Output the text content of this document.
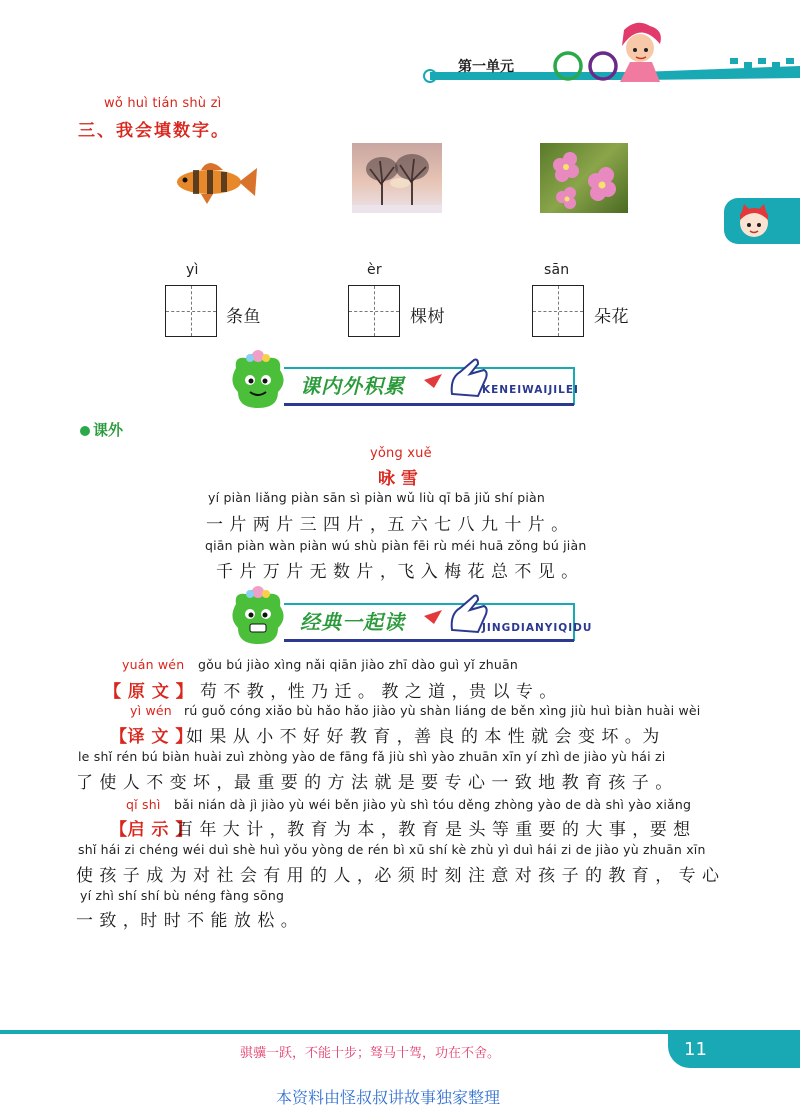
第一单元
wǒ huì tián shù zì
三、我会填数字。
yì
条鱼
èr
棵树
sān
朵花
课内外积累	KENEIWAIJILEI
课外
yǒng xuě
咏 雪
yí piàn liǎng piàn sān sì piàn wǔ liù qī bā jiǔ shí piàn
一 片 两 片 三 四 片 ，五 六 七 八 九 十 片 。
qiān piàn wàn piàn wú shù piàn fēi rù méi huā zǒng bú jiàn
千 片 万 片 无 数 片 ，飞 入 梅 花 总 不 见 。
经典一起读	JINGDIANYIQIDU
yuán wén gǒu bú jiào xìng nǎi qiān jiào zhī dào guì yǐ zhuān
【 原 文 】 苟 不 教 ，性 乃 迁 。 教 之 道 ，贵 以 专 。
yì wén rú guǒ cóng xiǎo bù hǎo hǎo jiào yù shàn liáng de běn xìng jiù huì biàn huài wèi
【译 文 】
如 果 从 小 不 好 好 教 育 ，善 良 的 本 性 就 会 变 坏 。为
le shǐ rén bú biàn huài zuì zhòng yào de fāng fǎ jiù shì yào zhuān xīn yí zhì de jiào yù hái zi
了 使 人 不 变 坏 ，最 重 要 的 方 法 就 是 要 专 心 一 致 地 教 育 孩 子 。
qǐ shì bǎi nián dà jì jiào yù wéi běn jiào yù shì tóu děng zhòng yào de dà shì yào xiǎng
【启 示 】
百 年 大 计 ，教 育 为 本 ，教 育 是 头 等 重 要 的 大 事 ，要 想
shǐ hái zi chéng wéi duì shè huì yǒu yòng de rén bì xū shí kè zhù yì duì hái zi de jiào yù zhuān xīn
使 孩 子 成 为 对 社 会 有 用 的 人 ，必 须 时 刻 注 意 对 孩 子 的 教 育 ， 专 心
yí zhì shí shí bù néng fàng sōng
一 致 ，时 时 不 能 放 松 。
骐骥一跃，不能十步；驽马十驾，功在不舍。	11
本资料由怪叔叔讲故事独家整理
